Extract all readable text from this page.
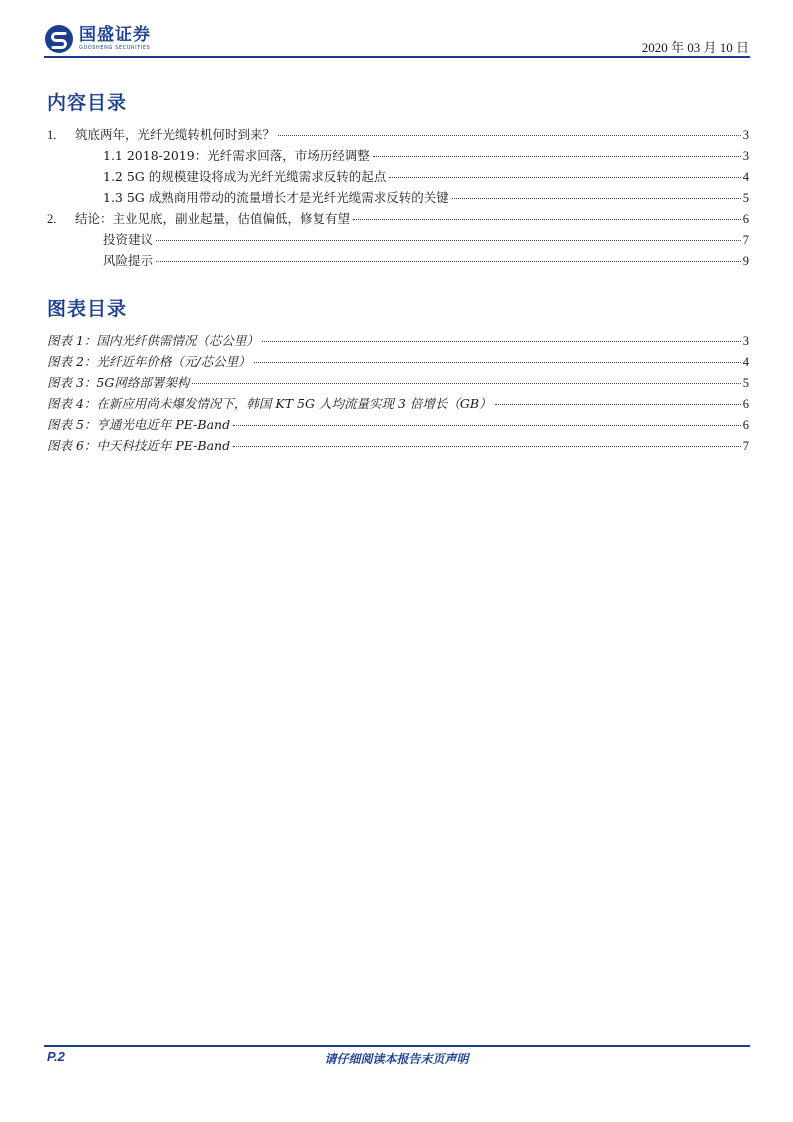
国盛证券
GUOSHENG SECURITIES	2020 年 03 月 10 日
内容目录
1.	筑底两年，光纤光缆转机何时到来？	3
1.1 2018-2019：光纤需求回落，市场历经调整	3
1.2 5G 的规模建设将成为光纤光缆需求反转的起点	4
1.3 5G 成熟商用带动的流量增长才是光纤光缆需求反转的关键	5
2.	结论：主业见底，副业起量，估值偏低，修复有望	6
投资建议	7
风险提示	9
图表目录
图表 1：国内光纤供需情况（芯公里）	3
图表 2：光纤近年价格（元/芯公里）	4
图表 3：5G网络部署架构	5
图表 4：在新应用尚未爆发情况下，韩国 KT 5G 人均流量实现 3 倍增长（GB）	6
图表 5：亨通光电近年 PE-Band	6
图表 6：中天科技近年 PE-Band	7
P.2	请仔细阅读本报告末页声明
